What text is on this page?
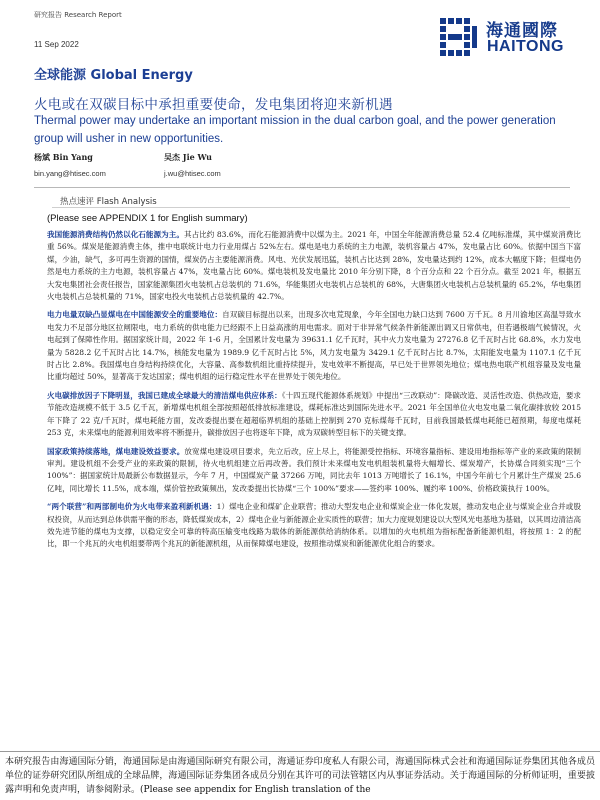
研究报告 Research Report
11 Sep 2022
海通國際
HAITONG
全球能源 Global Energy
火电或在双碳目标中承担重要使命，发电集团将迎来新机遇
Thermal power may undertake an important mission in the dual carbon goal, and the power generation group will usher in new opportunities.
杨斌 Bin Yang
bin.yang@htisec.com
吴杰 Jie Wu
j.wu@htisec.com
热点速评 Flash Analysis
(Please see APPENDIX 1 for English summary)

我国能源消费结构仍然以化石能源为主。其占比约 83.6%，而化石能源消费中以煤为主。2021 年，中国全年能源消费总量 52.4 亿吨标准煤，其中煤炭消费比重 56%。煤炭是能源消费主体，推中电联统计电力行业用煤占 52%左右。煤电是电力系统的主力电源，装机容量占 47%，发电量占比 60%。依据中国当下富煤，少油，缺气，多可再生资源的国情，煤炭仍占主要能源消费。风电、光伏发展迅猛，装机占比达到 28%，发电量达到约 12%，成本大幅度下降；但煤电仍然是电力系统的主力电源，装机容量占 47%，发电量占比 60%。煤电装机及发电量比 2010 年分别下降，8 个百分点和 22 个百分点。截至 2021 年，根据五大发电集团社会责任报告，国家能源集团火电装机占总装机的 71.6%，华能集团火电装机占总装机的 68%，大唐集团火电装机占总装机量的 65.2%，华电集团火电装机占总装机量的 71%，国家电投火电装机占总装机量的 42.7%。

电力电量双缺凸显煤电在中国能源安全的重要地位：自双碳目标提出以来，出现多次电荒现象，今年全国电力缺口达到 7600 万千瓦。8 月川渝地区高温导致水电发力不足部分地区拉闸限电，电力系统的供电能力已经跟不上日益高涨的用电需求。面对于非异常气候条件新能源出调又日常供电，但若遇极端气候情况，火电起到了保障性作用。据国家统计局，2022 年 1-6 月，全国累计发电量为 39631.1 亿千瓦时，其中火力发电量为 27276.8 亿千瓦时占比 68.8%，水力发电量为 5828.2 亿千瓦时占比 14.7%，核能发电量为 1989.9 亿千瓦时占比 5%，风力发电量为 3429.1 亿千瓦时占比 8.7%，太阳能发电量为 1107.1 亿千瓦时占比 2.8%。我国煤电自身结构持续优化，大容量、高参数机组比重持续提升，发电效率不断提高，早已处于世界领先地位；煤电热电联产机组容量及发电量比重均超过 50%，显著高于发达国家；煤电机组的运行稳定性水平在世界处于领先地位。

火电碳排放因子下降明显，我国已建成全球最大的清洁煤电供应体系：《十四五现代能源体系规划》中提出“三改联动”：降碳改造、灵活性改造、供热改造，要求节能改造规模不低于 3.5 亿千瓦，新增煤电机组全部按照超低排放标准建设，煤耗标准达到国际先进水平。2021 年全国单位火电发电量二氧化碳排放较 2015 年下降了 22 克/千瓦时，煤电耗能方面，发改委提出要在超超临界机组的基础上控制到 270 克标煤每千瓦时，目前我国最低煤电耗能已超预期，每度电煤耗 253 克，未来煤电的能源利用效率将不断提升，碳排放因子也将逐年下降，成为双碳转型目标下的关键支撑。

国家政策持续落地，煤电建设效益要求。放宽煤电建设项目要求，先立后改，应上尽上，将能源受控指标、环境容量指标、建设用地指标等产业的来政策的限制审判。建设机组不会受产业的来政策的限制，待火电机组建立后再改善。我们预计未来煤电发电机组装机量将大幅增长、煤炭增产，长协煤合同须实现“三个 100%”：据国家统计局最新公布数据显示，今年 7 月，中国煤炭产量 37266 万吨，同比去年 1013 万吨增长了 16.1%，中国今年前七个月累计生产煤炭 25.6 亿吨，同比增长 11.5%，成本端，煤价管控政策频出，发改委提出长协煤“三个 100%”要求——签约率 100%、履约率 100%、价格政策执行 100%。

“两个联营”和两部制电价为火电带来盈利新机遇：1）煤电企业和煤矿企业联营；推动大型发电企业和煤炭企业一体化发展，推动发电企业与煤炭企业合并或股权投资，从而达到总体供需平衡的形态，降低煤炭成本，2）煤电企业与新能源企业实质性的联营；加大力度规划建设以大型风光电基地为基础，以其周边清洁高效先进节能的煤电为支撑，以稳定安全可靠的特高压输变电线路为载体的新能源供给消纳体系。以增加的火电机组为指标配备新能源机组，将按照 1：2 的配比，即一个兆瓦的火电机组要带两个兆瓦的新能源机组，从而保障煤电建设，按照推动煤炭和新能源优化组合的要求。

本研究报告由海通国际分销，海通国际是由海通国际研究有限公司，海通证券印度私人有限公司，海通国际株式会社和海通国际证券集团其他各成员单位的证券研究团队所组成的全球品牌，海通国际证券集团各成员分别在其许可的司法管辖区内从事证券活动。关于海通国际的分析师证明，重要披露声明和免责声明，请参阅附录。(Please see appendix for English translation of the
